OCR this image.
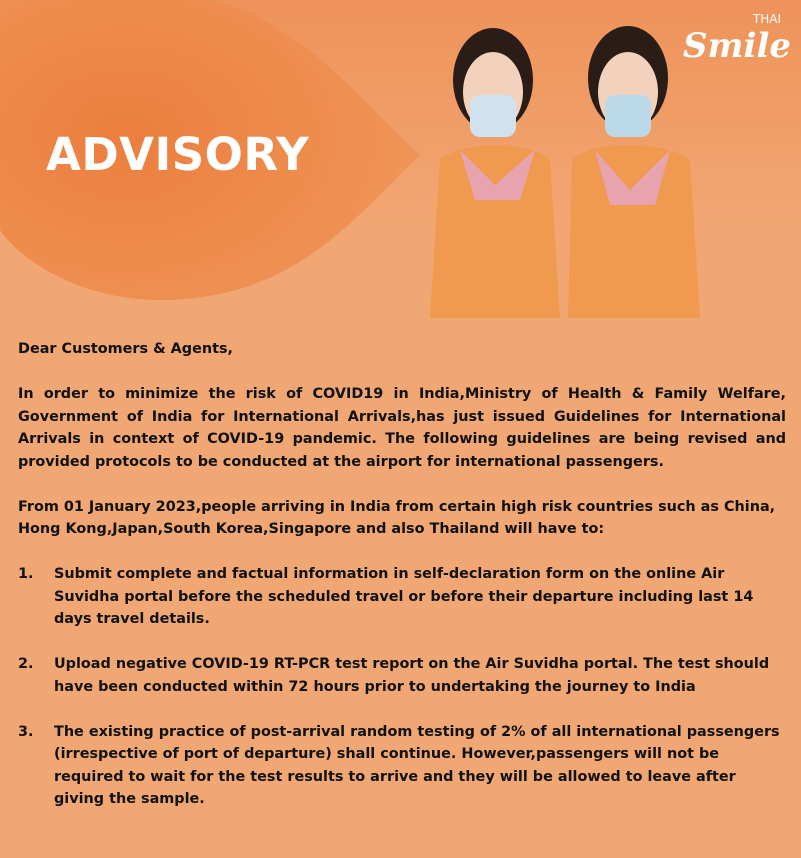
ADVISORY
THAI
Smile

Dear Customers & Agents,

In order to minimize the risk of COVID19 in India,Ministry of Health & Family Welfare, Government of India for International Arrivals,has just issued Guidelines for International Arrivals in context of COVID-19 pandemic. The following guidelines are being revised and provided protocols to be conducted at the airport for international passengers.

From 01 January 2023,people arriving in India from certain high risk countries such as China, Hong Kong,Japan,South Korea,Singapore and also Thailand will have to:

1.	Submit complete and factual information in self-declaration form on the online Air Suvidha portal before the scheduled travel or before their departure including last 14 days travel details.
2.	Upload negative COVID-19 RT-PCR test report on the Air Suvidha portal. The test should have been conducted within 72 hours prior to undertaking the journey to India
3.	The existing practice of post-arrival random testing of 2% of all international passengers (irrespective of port of departure) shall continue. However,passengers will not be required to wait for the test results to arrive and they will be allowed to leave after giving the sample.
